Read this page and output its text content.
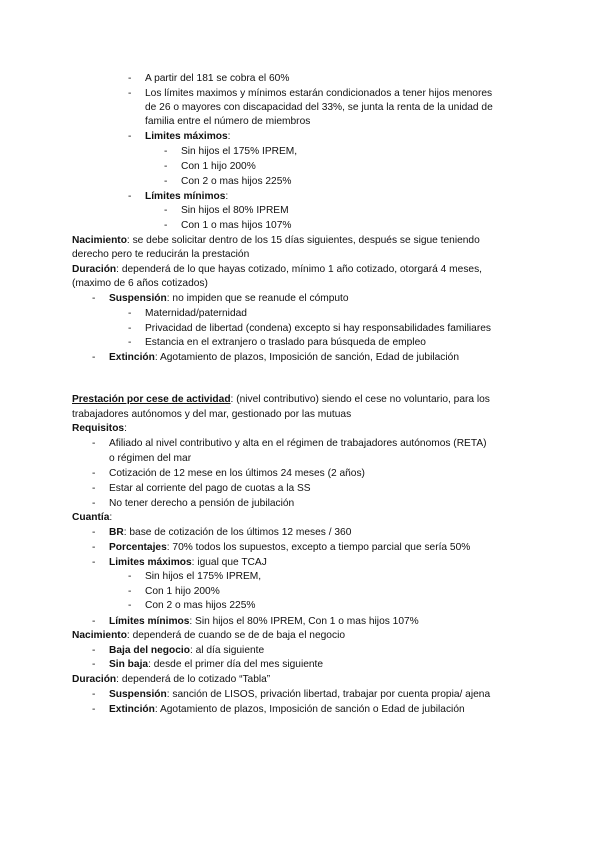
- A partir del 181 se cobra el 60%
- Los límites maximos y mínimos estarán condicionados a tener hijos menores
de 26 o mayores con discapacidad del 33%, se junta la renta de la unidad de
familia entre el número de miembros
- Limites máximos:
- Sin hijos el 175% IPREM,
- Con 1 hijo 200%
- Con 2 o mas hijos 225%
- Límites mínimos:
- Sin hijos el 80% IPREM
- Con 1 o mas hijos 107%
Nacimiento: se debe solicitar dentro de los 15 días siguientes, después se sigue teniendo
derecho pero te reducirán la prestación
Duración: dependerá de lo que hayas cotizado, mínimo 1 año cotizado, otorgará 4 meses,
(maximo de 6 años cotizados)
- Suspensión: no impiden que se reanude el cómputo
- Maternidad/paternidad
- Privacidad de libertad (condena) excepto si hay responsabilidades familiares
- Estancia en el extranjero o traslado para búsqueda de empleo
- Extinción: Agotamiento de plazos, Imposición de sanción, Edad de jubilación
Prestación por cese de actividad: (nivel contributivo) siendo el cese no voluntario, para los
trabajadores autónomos y del mar, gestionado por las mutuas
Requisitos:
- Afiliado al nivel contributivo y alta en el régimen de trabajadores autónomos (RETA)
o régimen del mar
- Cotización de 12 mese en los últimos 24 meses (2 años)
- Estar al corriente del pago de cuotas a la SS
- No tener derecho a pensión de jubilación
Cuantía:
- BR: base de cotización de los últimos 12 meses / 360
- Porcentajes: 70% todos los supuestos, excepto a tiempo parcial que sería 50%
- Limites máximos: igual que TCAJ
- Sin hijos el 175% IPREM,
- Con 1 hijo 200%
- Con 2 o mas hijos 225%
- Límites mínimos: Sin hijos el 80% IPREM, Con 1 o mas hijos 107%
Nacimiento: dependerá de cuando se de de baja el negocio
- Baja del negocio: al día siguiente
- Sin baja: desde el primer día del mes siguiente
Duración: dependerá de lo cotizado “Tabla”
- Suspensión: sanción de LISOS, privación libertad, trabajar por cuenta propia/ ajena
- Extinción: Agotamiento de plazos, Imposición de sanción o Edad de jubilación
